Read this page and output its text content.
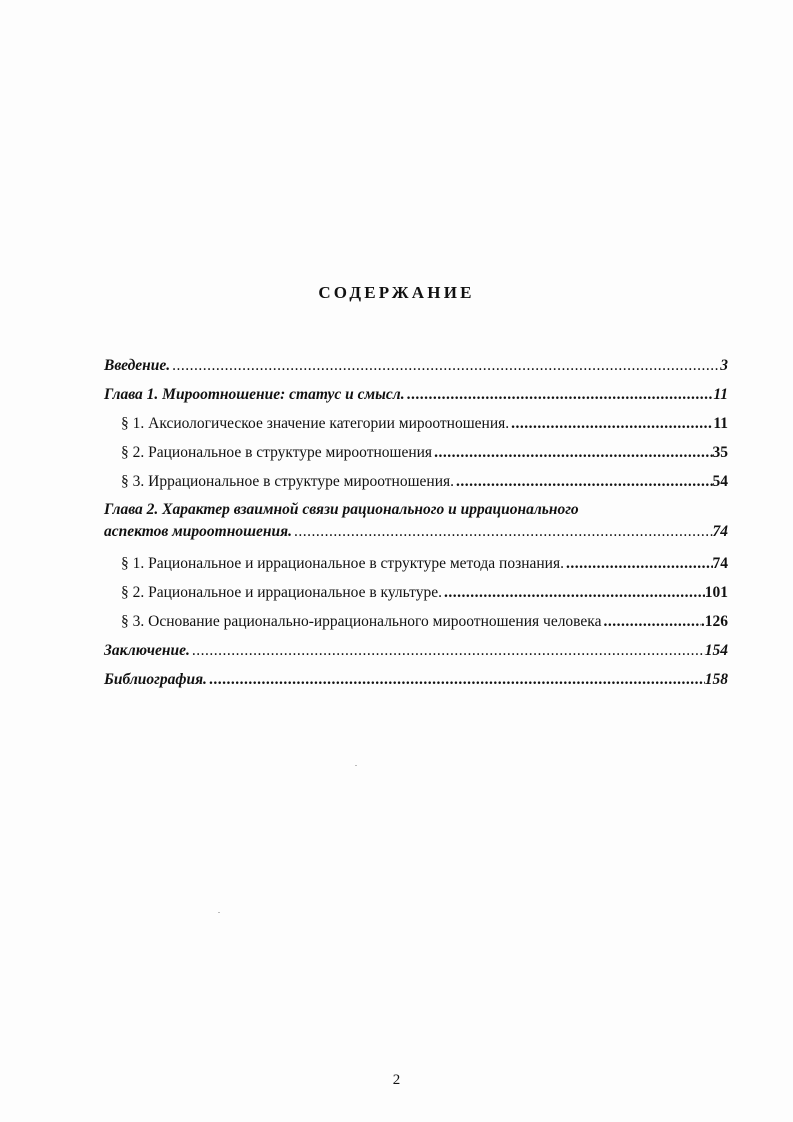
СОДЕРЖАНИЕ
Введение. .....	3
Глава 1. Мироотношение: статус и смысл. .....	11
§ 1. Аксиологическое значение категории мироотношения. .....	11
§ 2. Рациональное в структуре мироотношения .....	35
§ 3. Иррациональное в структуре мироотношения. .....	54
Глава 2. Характер взаимной связи рационального и иррационального
аспектов мироотношения. .....	74
§ 1. Рациональное и иррациональное в структуре метода познания. .....	74
§ 2. Рациональное и иррациональное в культуре. .....	101
§ 3. Основание рационально-иррационального мироотношения человека .....	.126
Заключение. .....	154
Библиография. .....	158
2
